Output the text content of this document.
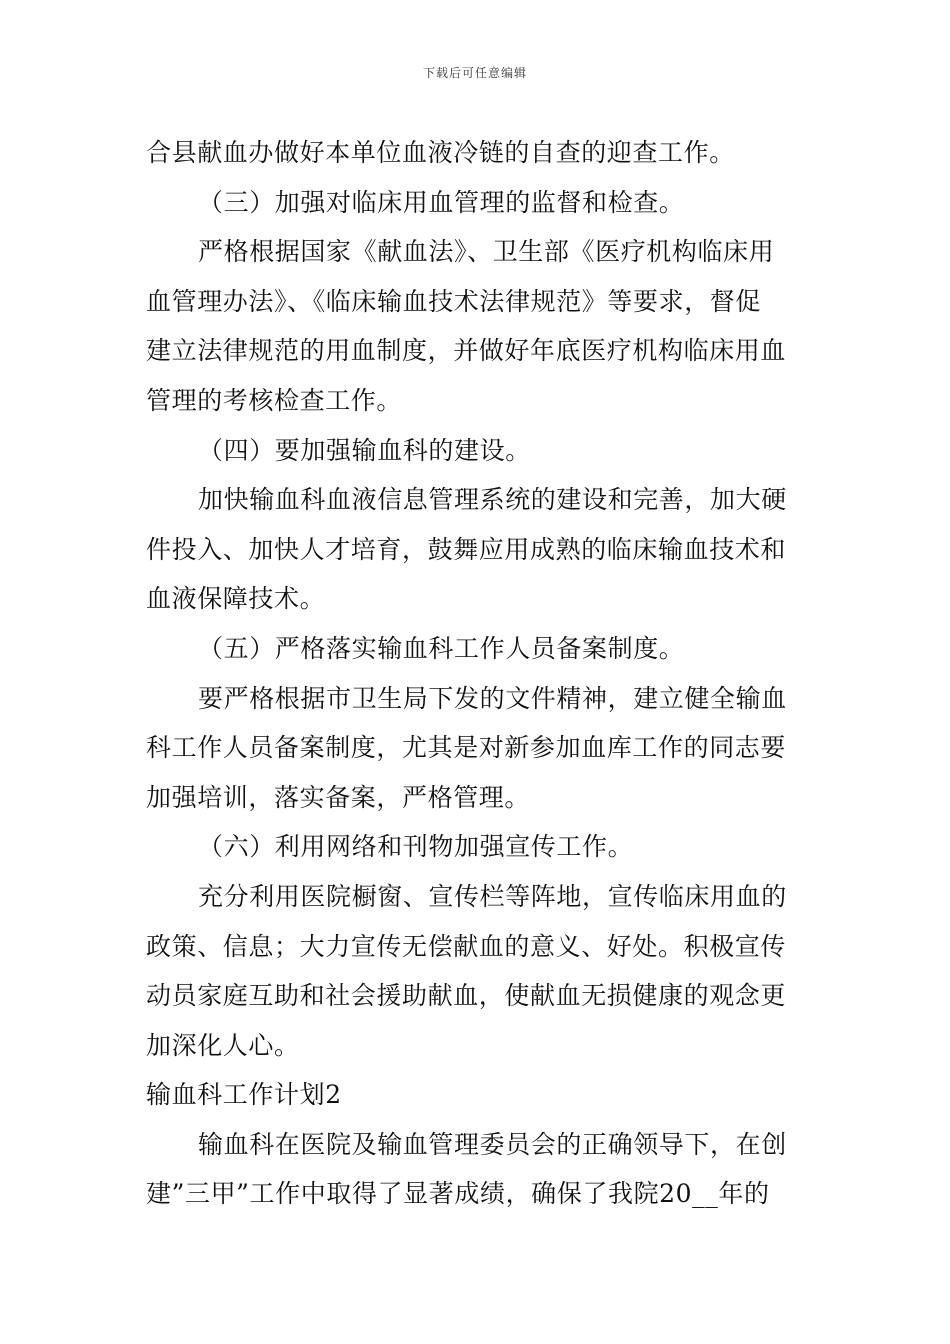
下载后可任意编辑
合县献血办做好本单位血液冷链的自查的迎查工作。
（三）加强对临床用血管理的监督和检查。
严格根据国家《献血法》、卫生部《医疗机构临床用
血管理办法》、《临床输血技术法律规范》等要求，督促
建立法律规范的用血制度，并做好年底医疗机构临床用血
管理的考核检查工作。
（四）要加强输血科的建设。
加快输血科血液信息管理系统的建设和完善，加大硬
件投入、加快人才培育，鼓舞应用成熟的临床输血技术和
血液保障技术。
（五）严格落实输血科工作人员备案制度。
要严格根据市卫生局下发的文件精神，建立健全输血
科工作人员备案制度，尤其是对新参加血库工作的同志要
加强培训，落实备案，严格管理。
（六）利用网络和刊物加强宣传工作。
充分利用医院橱窗、宣传栏等阵地，宣传临床用血的
政策、信息；大力宣传无偿献血的意义、好处。积极宣传
动员家庭互助和社会援助献血，使献血无损健康的观念更
加深化人心。
输血科工作计划2
输血科在医院及输血管理委员会的正确领导下，在创
建”三甲”工作中取得了显著成绩，确保了我院20__年的
